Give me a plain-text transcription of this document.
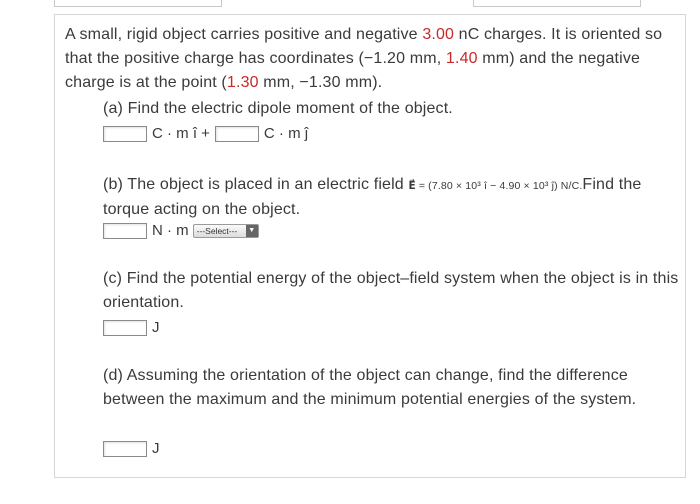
A small, rigid object carries positive and negative 3.00 nC charges. It is oriented so that the positive charge has coordinates (−1.20 mm, 1.40 mm) and the negative charge is at the point (1.30 mm, −1.30 mm).
(a) Find the electric dipole moment of the object.
C · m î +	C · m ĵ
(b) The object is placed in an electric field E⃗ = (7.80 × 10³ î − 4.90 × 10³ ĵ) N/C.Find the torque acting on the object.
N · m ---Select--- ▼
(c) Find the potential energy of the object–field system when the object is in this orientation.
J
(d) Assuming the orientation of the object can change, find the difference between the maximum and the minimum potential energies of the system.
J
